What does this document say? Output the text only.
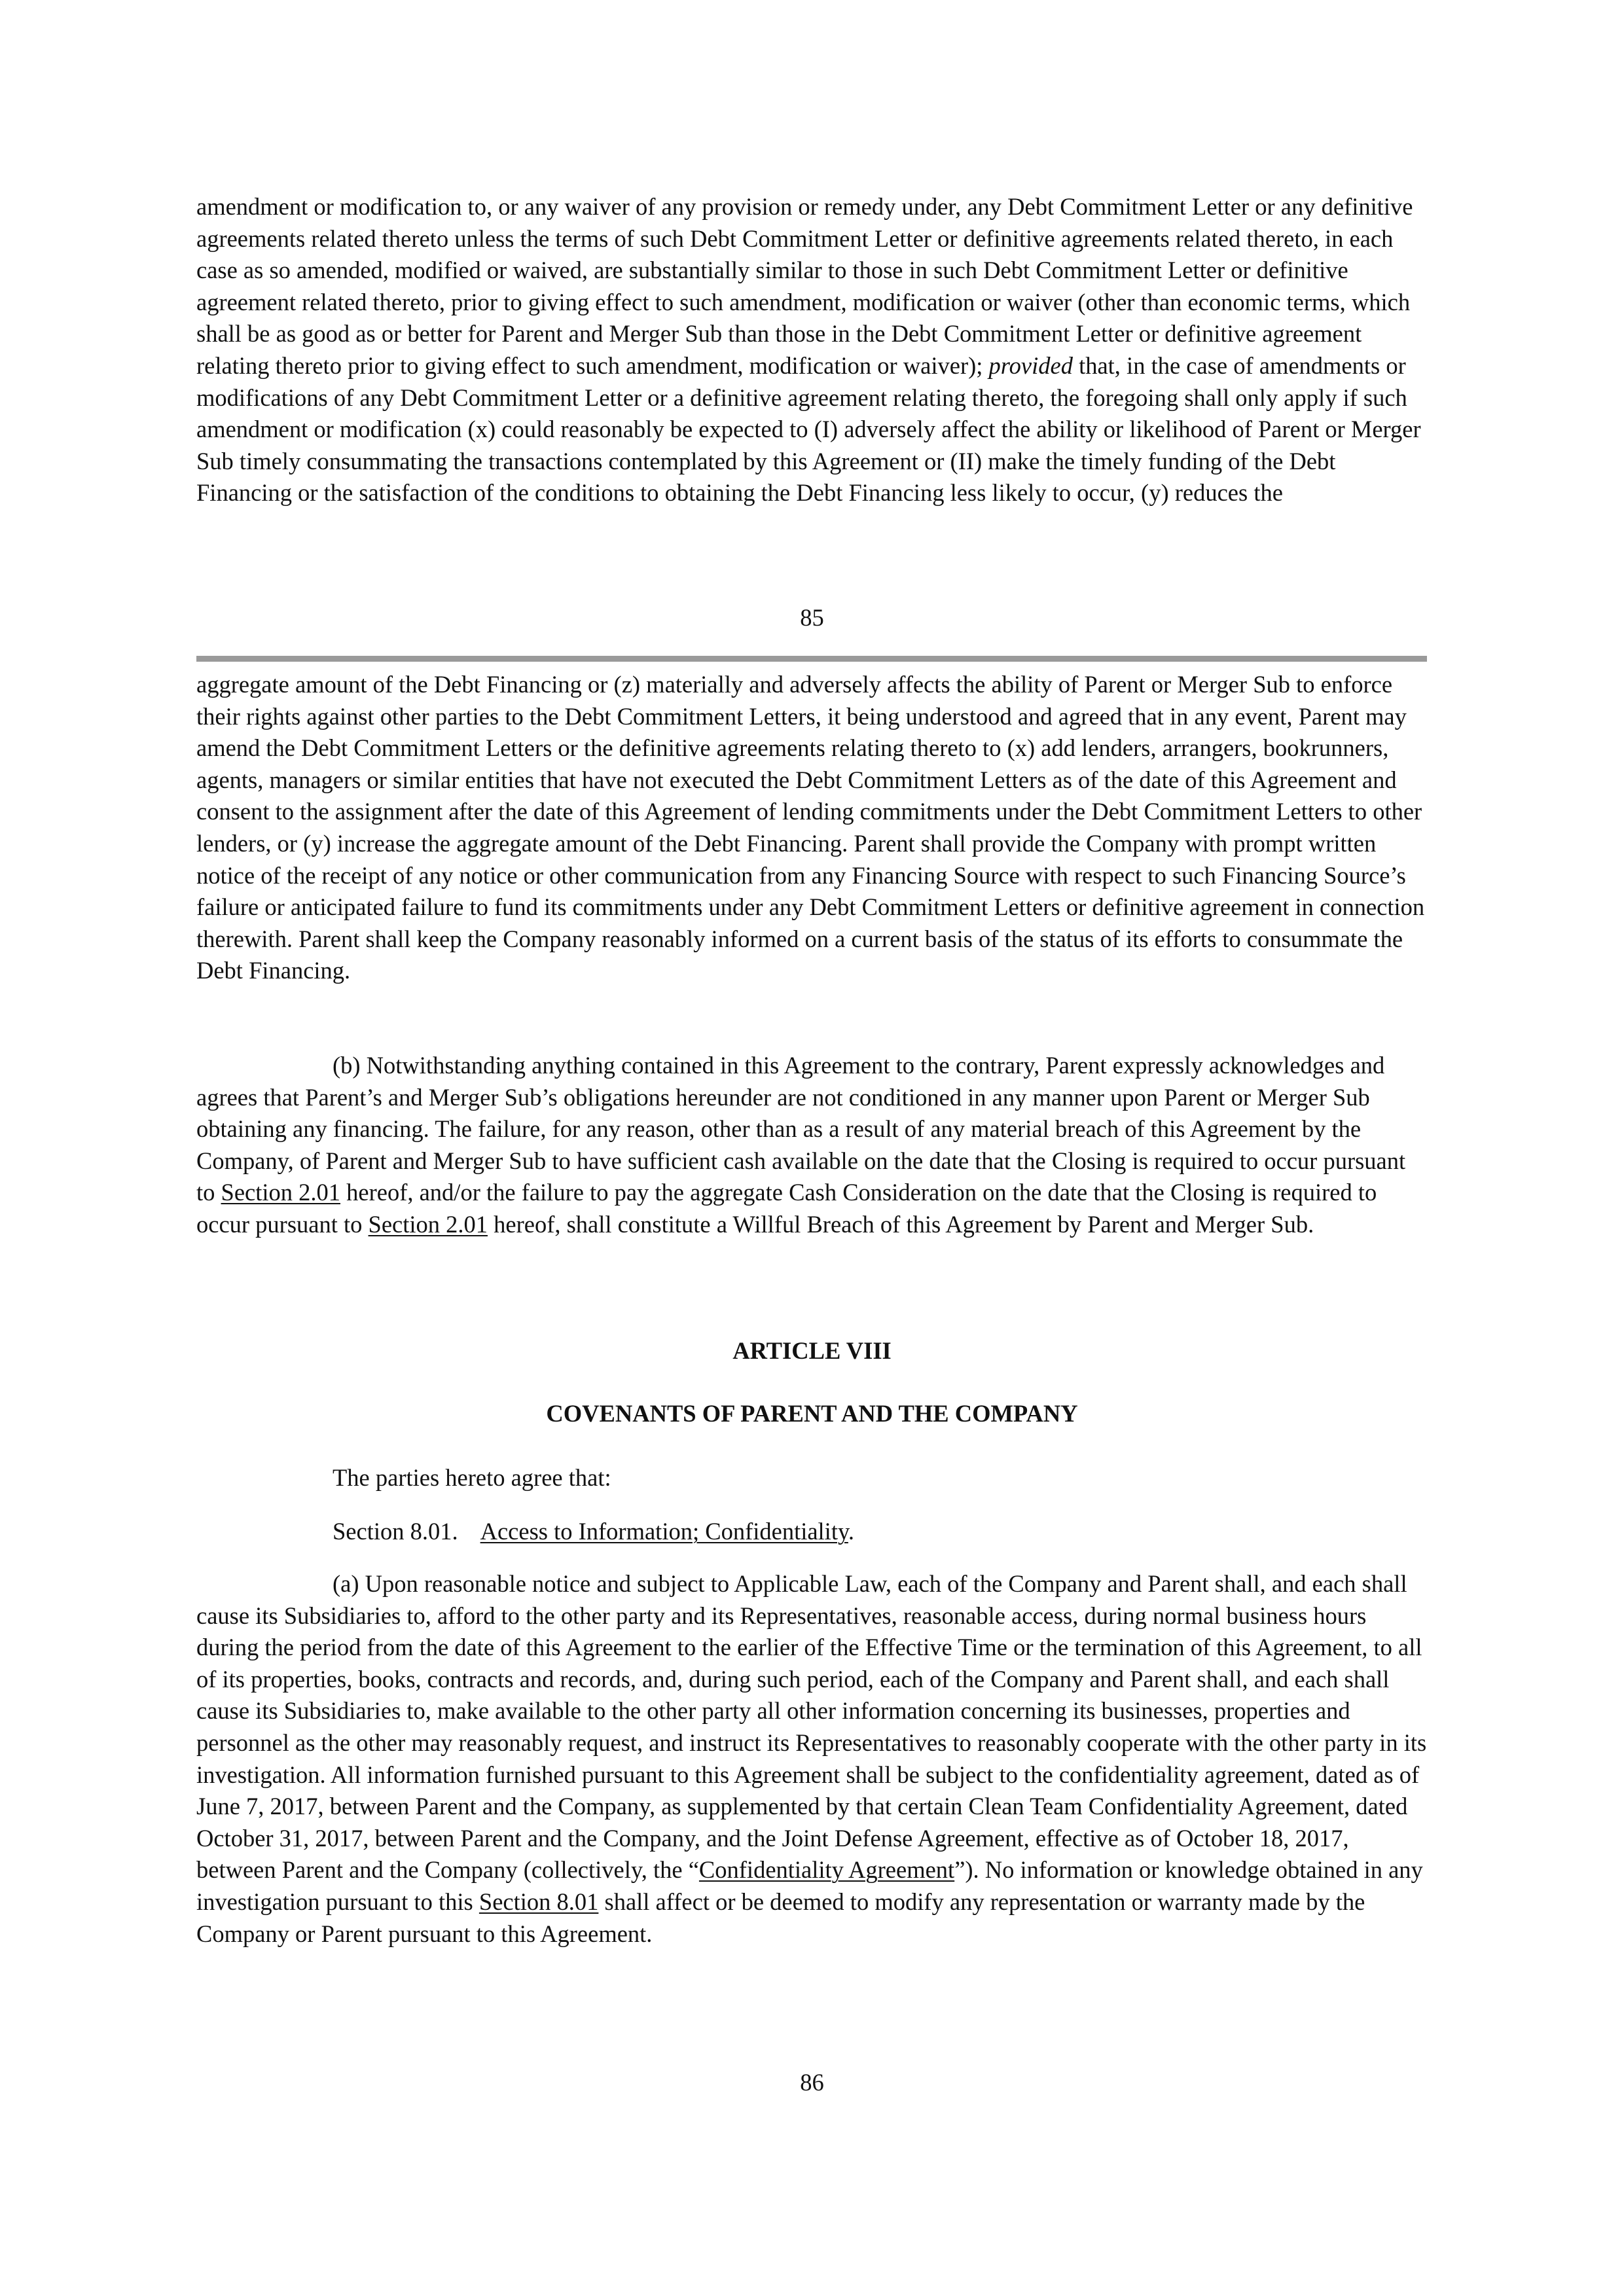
amendment or modification to, or any waiver of any provision or remedy under, any Debt Commitment Letter or any definitive agreements related thereto unless the terms of such Debt Commitment Letter or definitive agreements related thereto, in each case as so amended, modified or waived, are substantially similar to those in such Debt Commitment Letter or definitive agreement related thereto, prior to giving effect to such amendment, modification or waiver (other than economic terms, which shall be as good as or better for Parent and Merger Sub than those in the Debt Commitment Letter or definitive agreement relating thereto prior to giving effect to such amendment, modification or waiver); provided that, in the case of amendments or modifications of any Debt Commitment Letter or a definitive agreement relating thereto, the foregoing shall only apply if such amendment or modification (x) could reasonably be expected to (I) adversely affect the ability or likelihood of Parent or Merger Sub timely consummating the transactions contemplated by this Agreement or (II) make the timely funding of the Debt Financing or the satisfaction of the conditions to obtaining the Debt Financing less likely to occur, (y) reduces the

85

aggregate amount of the Debt Financing or (z) materially and adversely affects the ability of Parent or Merger Sub to enforce their rights against other parties to the Debt Commitment Letters, it being understood and agreed that in any event, Parent may amend the Debt Commitment Letters or the definitive agreements relating thereto to (x) add lenders, arrangers, bookrunners, agents, managers or similar entities that have not executed the Debt Commitment Letters as of the date of this Agreement and consent to the assignment after the date of this Agreement of lending commitments under the Debt Commitment Letters to other lenders, or (y) increase the aggregate amount of the Debt Financing. Parent shall provide the Company with prompt written notice of the receipt of any notice or other communication from any Financing Source with respect to such Financing Source’s failure or anticipated failure to fund its commitments under any Debt Commitment Letters or definitive agreement in connection therewith. Parent shall keep the Company reasonably informed on a current basis of the status of its efforts to consummate the Debt Financing.

(b) Notwithstanding anything contained in this Agreement to the contrary, Parent expressly acknowledges and agrees that Parent’s and Merger Sub’s obligations hereunder are not conditioned in any manner upon Parent or Merger Sub obtaining any financing. The failure, for any reason, other than as a result of any material breach of this Agreement by the Company, of Parent and Merger Sub to have sufficient cash available on the date that the Closing is required to occur pursuant to Section 2.01 hereof, and/or the failure to pay the aggregate Cash Consideration on the date that the Closing is required to occur pursuant to Section 2.01 hereof, shall constitute a Willful Breach of this Agreement by Parent and Merger Sub.

ARTICLE VIII

COVENANTS OF PARENT AND THE COMPANY

The parties hereto agree that:

Section 8.01. Access to Information; Confidentiality.

(a) Upon reasonable notice and subject to Applicable Law, each of the Company and Parent shall, and each shall cause its Subsidiaries to, afford to the other party and its Representatives, reasonable access, during normal business hours during the period from the date of this Agreement to the earlier of the Effective Time or the termination of this Agreement, to all of its properties, books, contracts and records, and, during such period, each of the Company and Parent shall, and each shall cause its Subsidiaries to, make available to the other party all other information concerning its businesses, properties and personnel as the other may reasonably request, and instruct its Representatives to reasonably cooperate with the other party in its investigation. All information furnished pursuant to this Agreement shall be subject to the confidentiality agreement, dated as of June 7, 2017, between Parent and the Company, as supplemented by that certain Clean Team Confidentiality Agreement, dated October 31, 2017, between Parent and the Company, and the Joint Defense Agreement, effective as of October 18, 2017, between Parent and the Company (collectively, the “Confidentiality Agreement”). No information or knowledge obtained in any investigation pursuant to this Section 8.01 shall affect or be deemed to modify any representation or warranty made by the Company or Parent pursuant to this Agreement.

86
